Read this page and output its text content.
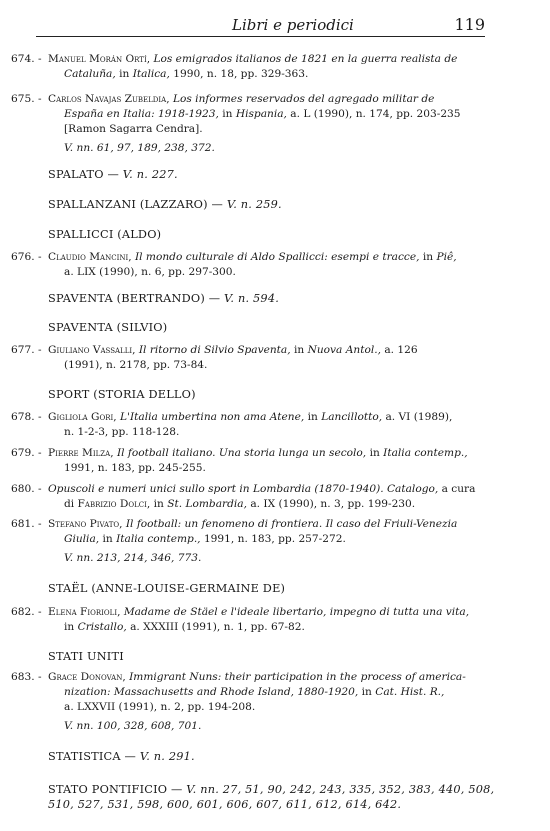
Libri e periodici	119
674. - Manuel Morán Ortí, Los emigrados italianos de 1821 en la guerra realista de
Cataluña, in Italica, 1990, n. 18, pp. 329-363.
675. - Carlos Navajas Zubeldia, Los informes reservados del agregado militar de
España en Italia: 1918-1923, in Hispania, a. L (1990), n. 174, pp. 203-235
[Ramon Sagarra Cendra].
V. nn. 61, 97, 189, 238, 372.
SPALATO — V. n. 227.
SPALLANZANI (LAZZARO) — V. n. 259.
SPALLICCI (ALDO)
676. - Claudio Mancini, Il mondo culturale di Aldo Spallicci: esempi e tracce, in Piê,
a. LIX (1990), n. 6, pp. 297-300.
SPAVENTA (BERTRANDO) — V. n. 594.
SPAVENTA (SILVIO)
677. - Giuliano Vassalli, Il ritorno di Silvio Spaventa, in Nuova Antol., a. 126
(1991), n. 2178, pp. 73-84.
SPORT (STORIA DELLO)
678. - Gigliola Gori, L'Italia umbertina non ama Atene, in Lancillotto, a. VI (1989),
n. 1-2-3, pp. 118-128.
679. - Pierre Milza, Il football italiano. Una storia lunga un secolo, in Italia contemp.,
1991, n. 183, pp. 245-255.
680. - Opuscoli e numeri unici sullo sport in Lombardia (1870-1940). Catalogo, a cura
di Fabrizio Dolci, in St. Lombardia, a. IX (1990), n. 3, pp. 199-230.
681. - Stefano Pivato, Il football: un fenomeno di frontiera. Il caso del Friuli-Venezia
Giulia, in Italia contemp., 1991, n. 183, pp. 257-272.
V. nn. 213, 214, 346, 773.
STAËL (ANNE-LOUISE-GERMAINE DE)
682. - Elena Fiorioli, Madame de Stäel e l'ideale libertario, impegno di tutta una vita,
in Cristallo, a. XXXIII (1991), n. 1, pp. 67-82.
STATI UNITI
683. - Grace Donovan, Immigrant Nuns: their participation in the process of america-
nization: Massachusetts and Rhode Island, 1880-1920, in Cat. Hist. R.,
a. LXXVII (1991), n. 2, pp. 194-208.
V. nn. 100, 328, 608, 701.
STATISTICA — V. n. 291.
STATO PONTIFICIO — V. nn. 27, 51, 90, 242, 243, 335, 352, 383, 440, 508,
510, 527, 531, 598, 600, 601, 606, 607, 611, 612, 614, 642.
